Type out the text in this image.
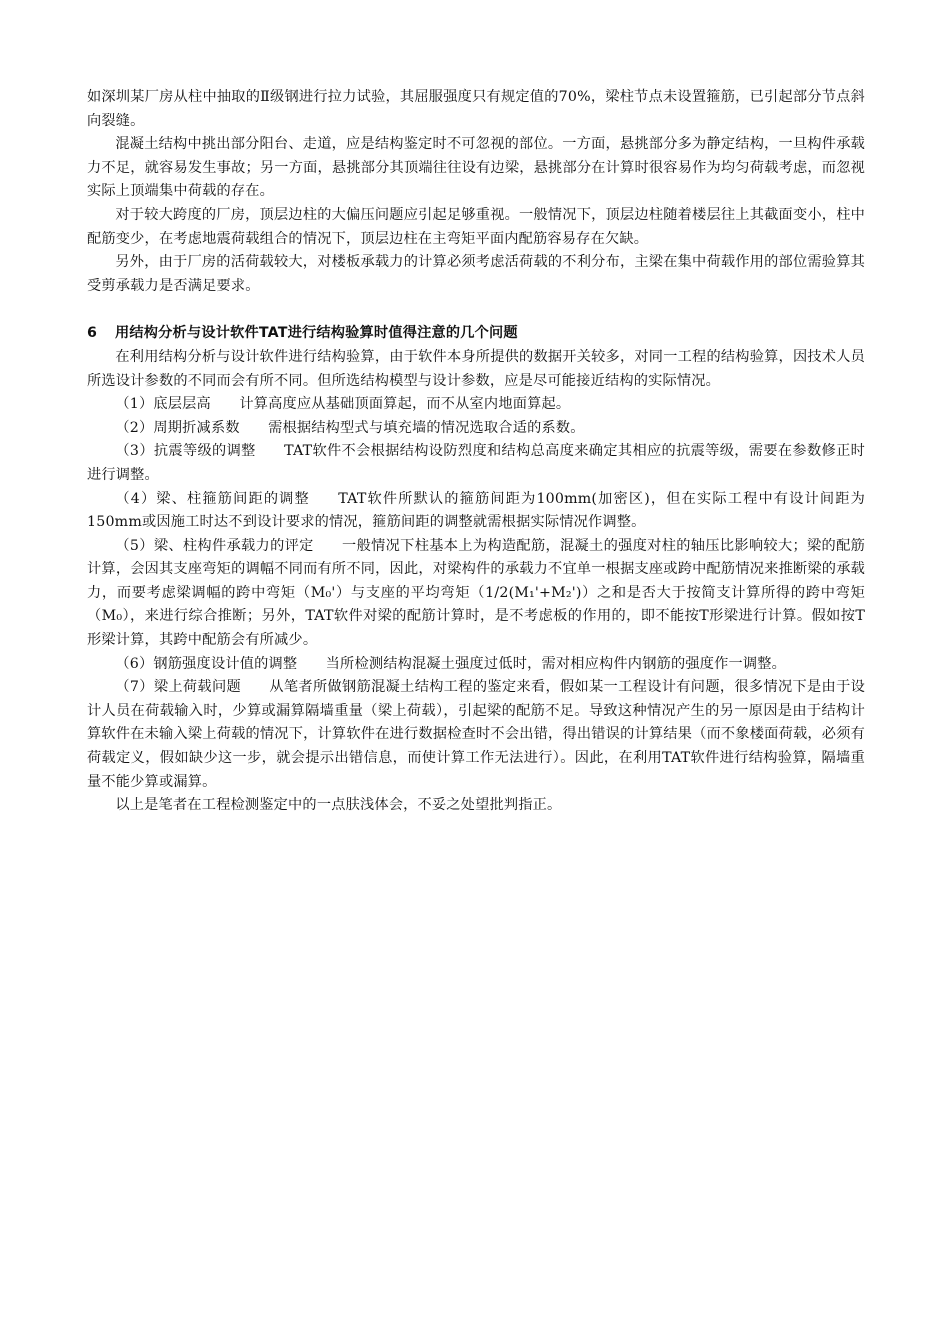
如深圳某厂房从柱中抽取的Ⅱ级钢进行拉力试验，其屈服强度只有规定值的70%，梁柱节点未设置箍筋，已引起部分节点斜向裂缝。

混凝土结构中挑出部分阳台、走道，应是结构鉴定时不可忽视的部位。一方面，悬挑部分多为静定结构，一旦构件承载力不足，就容易发生事故；另一方面，悬挑部分其顶端往往设有边梁，悬挑部分在计算时很容易作为均匀荷载考虑，而忽视实际上顶端集中荷载的存在。

对于较大跨度的厂房，顶层边柱的大偏压问题应引起足够重视。一般情况下，顶层边柱随着楼层往上其截面变小，柱中配筋变少，在考虑地震荷载组合的情况下，顶层边柱在主弯矩平面内配筋容易存在欠缺。

另外，由于厂房的活荷载较大，对楼板承载力的计算必须考虑活荷载的不利分布，主梁在集中荷载作用的部位需验算其受剪承载力是否满足要求。

6 用结构分析与设计软件TAT进行结构验算时值得注意的几个问题

在利用结构分析与设计软件进行结构验算，由于软件本身所提供的数据开关较多，对同一工程的结构验算，因技术人员所选设计参数的不同而会有所不同。但所选结构模型与设计参数，应是尽可能接近结构的实际情况。

（1）底层层高 计算高度应从基础顶面算起，而不从室内地面算起。

（2）周期折减系数 需根据结构型式与填充墙的情况选取合适的系数。

（3）抗震等级的调整 TAT软件不会根据结构设防烈度和结构总高度来确定其相应的抗震等级，需要在参数修正时进行调整。

（4）梁、柱箍筋间距的调整 TAT软件所默认的箍筋间距为100mm(加密区)，但在实际工程中有设计间距为150mm或因施工时达不到设计要求的情况，箍筋间距的调整就需根据实际情况作调整。

（5）梁、柱构件承载力的评定 一般情况下柱基本上为构造配筋，混凝土的强度对柱的轴压比影响较大；梁的配筋计算，会因其支座弯矩的调幅不同而有所不同，因此，对梁构件的承载力不宜单一根据支座或跨中配筋情况来推断梁的承载力，而要考虑梁调幅的跨中弯矩（M₀'）与支座的平均弯矩（1/2(M₁'+M₂')）之和是否大于按简支计算所得的跨中弯矩（M₀），来进行综合推断；另外，TAT软件对梁的配筋计算时，是不考虑板的作用的，即不能按T形梁进行计算。假如按T形梁计算，其跨中配筋会有所减少。

（6）钢筋强度设计值的调整 当所检测结构混凝土强度过低时，需对相应构件内钢筋的强度作一调整。

（7）梁上荷载问题 从笔者所做钢筋混凝土结构工程的鉴定来看，假如某一工程设计有问题，很多情况下是由于设计人员在荷载输入时，少算或漏算隔墙重量（梁上荷载），引起梁的配筋不足。导致这种情况产生的另一原因是由于结构计算软件在未输入梁上荷载的情况下，计算软件在进行数据检查时不会出错，得出错误的计算结果（而不象楼面荷载，必须有荷载定义，假如缺少这一步，就会提示出错信息，而使计算工作无法进行）。因此，在利用TAT软件进行结构验算，隔墙重量不能少算或漏算。

以上是笔者在工程检测鉴定中的一点肤浅体会，不妥之处望批判指正。
